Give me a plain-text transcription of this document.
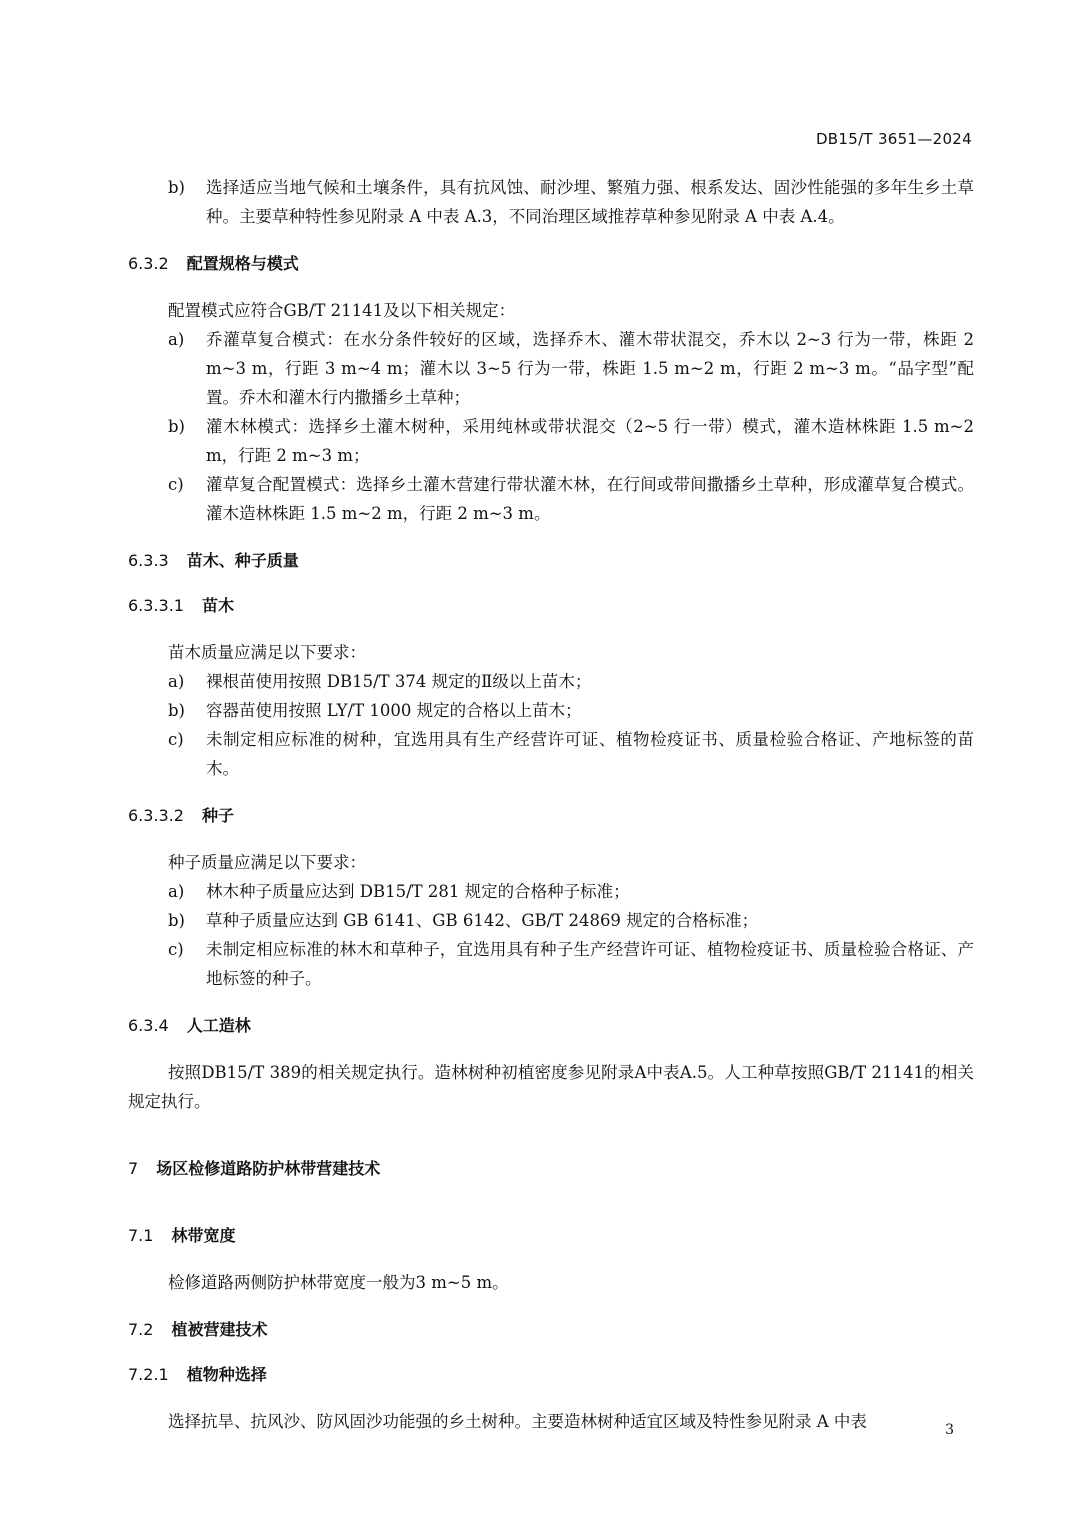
DB15/T 3651—2024
b) 选择适应当地气候和土壤条件，具有抗风蚀、耐沙埋、繁殖力强、根系发达、固沙性能强的多年生乡土草种。主要草种特性参见附录 A 中表 A.3，不同治理区域推荐草种参见附录 A 中表 A.4。
6.3.2 配置规格与模式
配置模式应符合GB/T 21141及以下相关规定：
a) 乔灌草复合模式：在水分条件较好的区域，选择乔木、灌木带状混交，乔木以 2~3 行为一带，株距 2 m~3 m，行距 3 m~4 m；灌木以 3~5 行为一带，株距 1.5 m~2 m，行距 2 m~3 m。“品字型”配置。乔木和灌木行内撒播乡土草种；
b) 灌木林模式：选择乡土灌木树种，采用纯林或带状混交（2~5 行一带）模式，灌木造林株距 1.5 m~2 m，行距 2 m~3 m；
c) 灌草复合配置模式：选择乡土灌木营建行带状灌木林，在行间或带间撒播乡土草种，形成灌草复合模式。灌木造林株距 1.5 m~2 m，行距 2 m~3 m。
6.3.3 苗木、种子质量
6.3.3.1 苗木
苗木质量应满足以下要求：
a) 裸根苗使用按照 DB15/T 374 规定的Ⅱ级以上苗木；
b) 容器苗使用按照 LY/T 1000 规定的合格以上苗木；
c) 未制定相应标准的树种，宜选用具有生产经营许可证、植物检疫证书、质量检验合格证、产地标签的苗木。
6.3.3.2 种子
种子质量应满足以下要求：
a) 林木种子质量应达到 DB15/T 281 规定的合格种子标准；
b) 草种子质量应达到 GB 6141、GB 6142、GB/T 24869 规定的合格标准；
c) 未制定相应标准的林木和草种子，宜选用具有种子生产经营许可证、植物检疫证书、质量检验合格证、产地标签的种子。
6.3.4 人工造林
按照DB15/T 389的相关规定执行。造林树种初植密度参见附录A中表A.5。人工种草按照GB/T 21141的相关规定执行。
7 场区检修道路防护林带营建技术
7.1 林带宽度
检修道路两侧防护林带宽度一般为3 m~5 m。
7.2 植被营建技术
7.2.1 植物种选择
选择抗旱、抗风沙、防风固沙功能强的乡土树种。主要造林树种适宜区域及特性参见附录 A 中表	3
